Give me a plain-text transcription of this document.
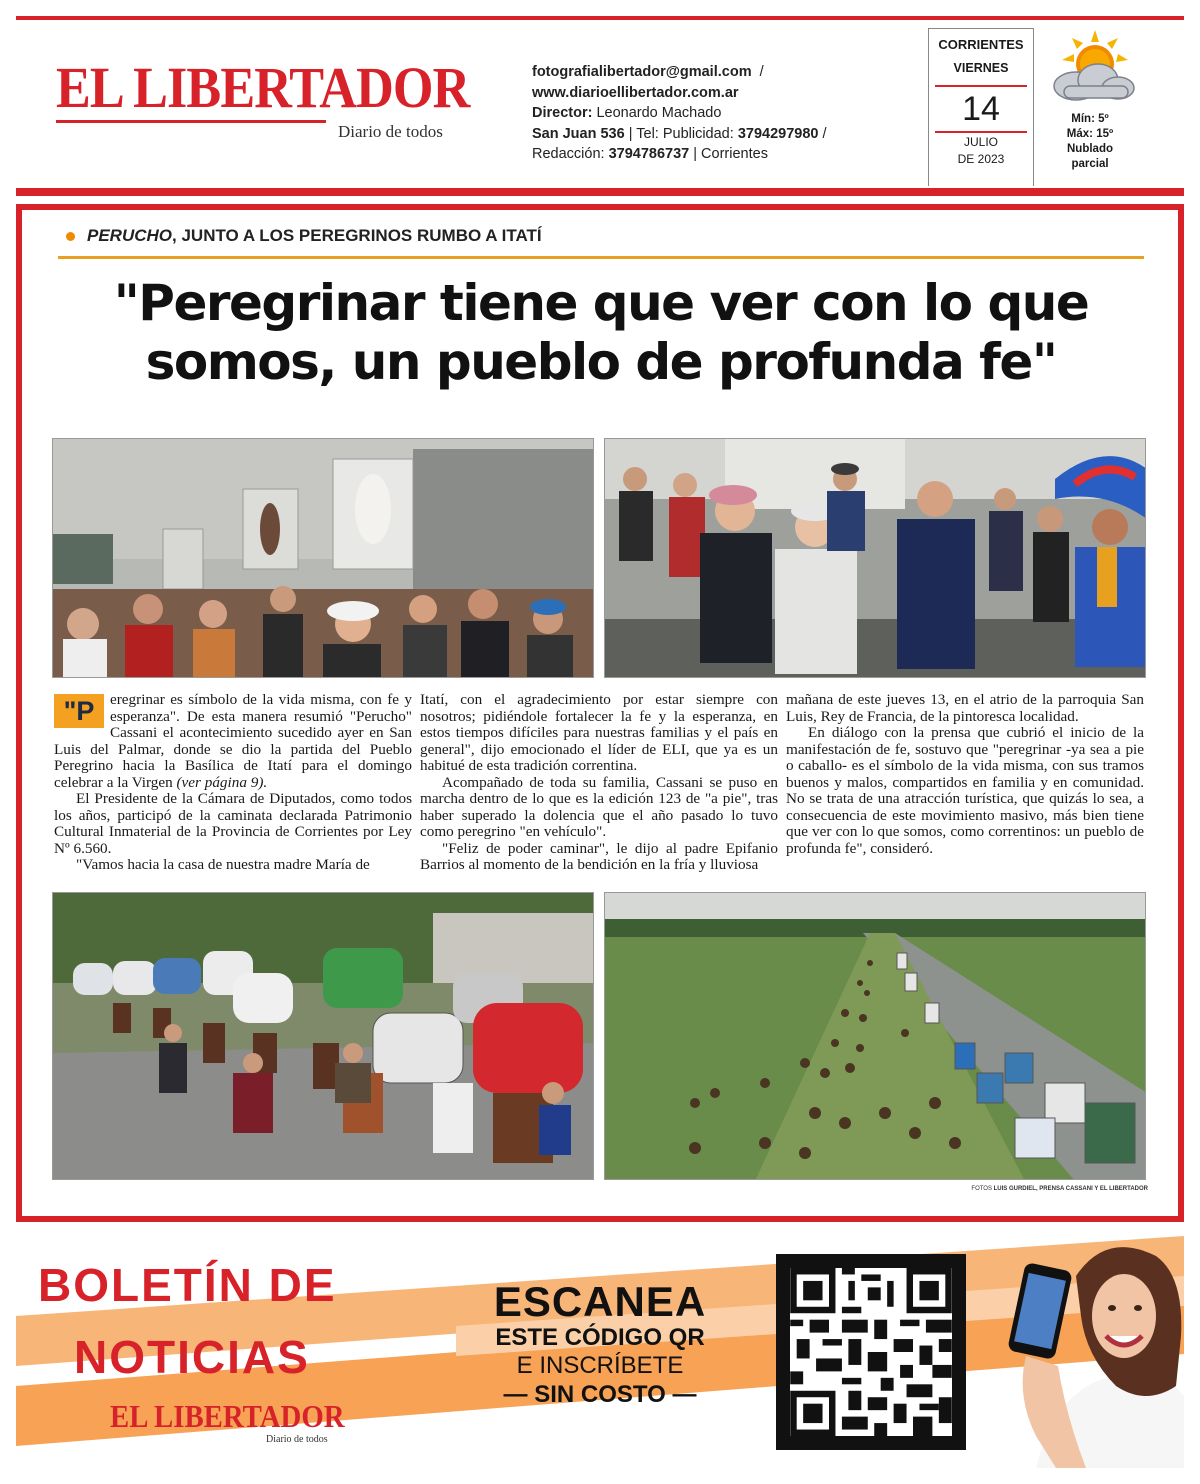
EL LIBERTADOR
Diario de todos
fotografialibertador@gmail.com /
www.diarioellibertador.com.ar
Director: Leonardo Machado
San Juan 536 | Tel: Publicidad: 3794297980 /
Redacción: 3794786737 | Corrientes
CORRIENTES
VIERNES
14
JULIO
DE 2023
Mín: 5º
Máx: 15º
Nublado
parcial
PERUCHO, JUNTO A LOS PEREGRINOS RUMBO A ITATÍ
"Peregrinar tiene que ver con lo que somos, un pueblo de profunda fe"

"P	eregrinar es símbolo de la vida misma, con fe y esperanza". De esta manera resumió "Perucho" Cassani el acontecimiento sucedido ayer en San Luis del Palmar, donde se dio la partida del Pueblo Peregrino hacia la Basílica de Itatí para el domingo celebrar a la Virgen (ver página 9).

El Presidente de la Cámara de Diputados, como todos los años, participó de la caminata declarada Patrimonio Cultural Inmaterial de la Provincia de Corrientes por Ley Nº 6.560.

"Vamos hacia la casa de nuestra madre María de

Itatí, con el agradecimiento por estar siempre con nosotros; pidiéndole fortalecer la fe y la esperanza, en estos tiempos difíciles para nuestras familias y el país en general", dijo emocionado el líder de ELI, que ya es un habitué de esta tradición correntina.

Acompañado de toda su familia, Cassani se puso en marcha dentro de lo que es la edición 123 de "a pie", tras haber superado la dolencia que el año pasado lo tuvo como peregrino "en vehículo".

"Feliz de poder caminar", le dijo al padre Epifanio Barrios al momento de la bendición en la fría y lluviosa

mañana de este jueves 13, en el atrio de la parroquia San Luis, Rey de Francia, de la pintoresca localidad.

En diálogo con la prensa que cubrió el inicio de la manifestación de fe, sostuvo que "peregrinar -ya sea a pie o caballo- es el símbolo de la vida misma, con sus tramos buenos y malos, compartidos en familia y en comunidad. No se trata de una atracción turística, que quizás lo sea, a consecuencia de este movimiento masivo, más bien tiene que ver con lo que somos, como correntinos: un pueblo de profunda fe", consideró.

FOTOS LUIS GURDIEL, PRENSA CASSANI Y EL LIBERTADOR
BOLETÍN DE
NOTICIAS
EL LIBERTADOR
Diario de todos
ESCANEA
ESTE CÓDIGO QR
E INSCRÍBETE
— SIN COSTO —
